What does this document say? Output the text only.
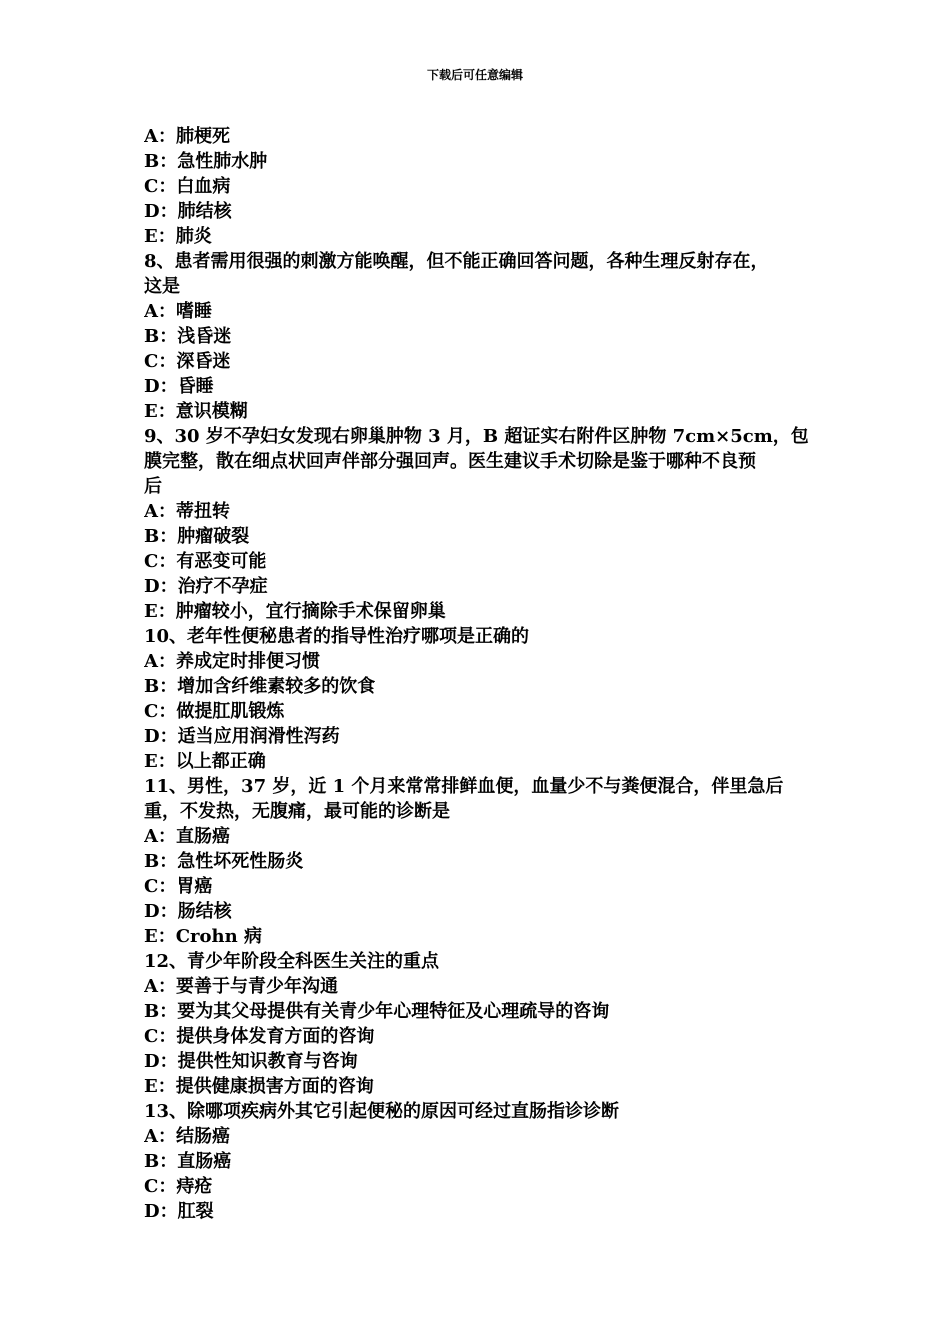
下载后可任意编辑
A：肺梗死
B：急性肺水肿
C：白血病
D：肺结核
E：肺炎
8、患者需用很强的刺激方能唤醒，但不能正确回答问题，各种生理反射存在，
这是
A：嗜睡
B：浅昏迷
C：深昏迷
D：昏睡
E：意识模糊
9、30 岁不孕妇女发现右卵巢肿物 3 月，B 超证实右附件区肿物 7cm×5cm，包
膜完整，散在细点状回声伴部分强回声。医生建议手术切除是鉴于哪种不良预
后
A：蒂扭转
B：肿瘤破裂
C：有恶变可能
D：治疗不孕症
E：肿瘤较小，宜行摘除手术保留卵巢
10、老年性便秘患者的指导性治疗哪项是正确的
A：养成定时排便习惯
B：增加含纤维素较多的饮食
C：做提肛肌锻炼
D：适当应用润滑性泻药
E：以上都正确
11、男性，37 岁，近 1 个月来常常排鲜血便，血量少不与粪便混合，伴里急后
重，不发热，无腹痛，最可能的诊断是
A：直肠癌
B：急性坏死性肠炎
C：胃癌
D：肠结核
E：Crohn 病
12、青少年阶段全科医生关注的重点
A：要善于与青少年沟通
B：要为其父母提供有关青少年心理特征及心理疏导的咨询
C：提供身体发育方面的咨询
D：提供性知识教育与咨询
E：提供健康损害方面的咨询
13、除哪项疾病外其它引起便秘的原因可经过直肠指诊诊断
A：结肠癌
B：直肠癌
C：痔疮
D：肛裂
